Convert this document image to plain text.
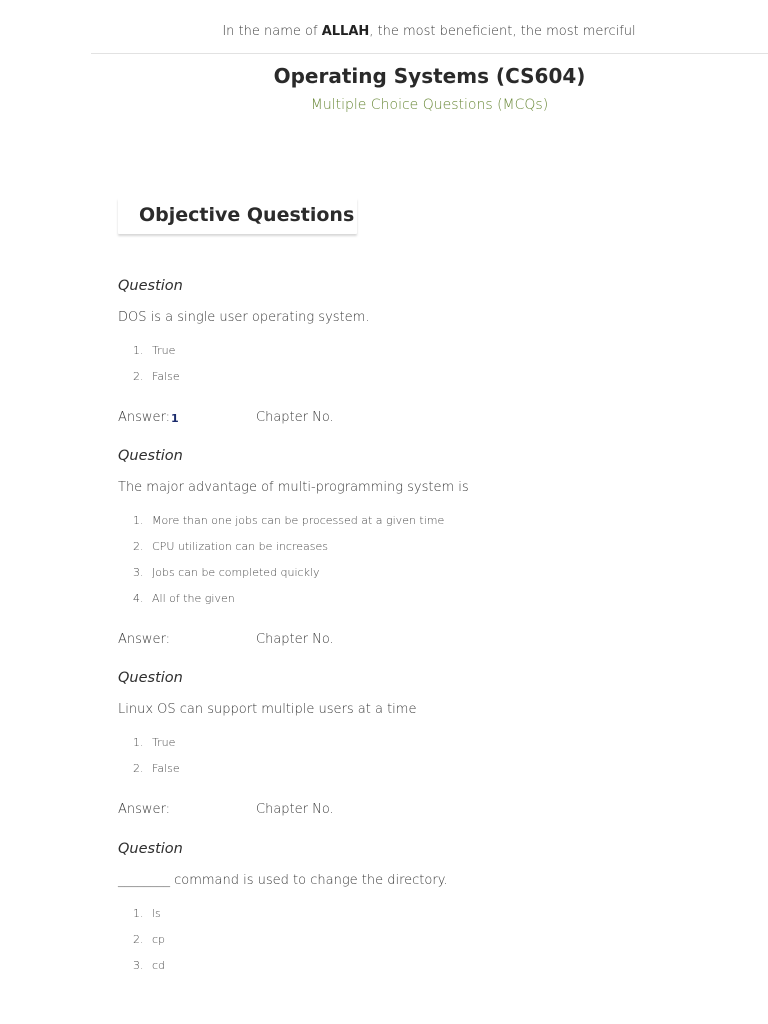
In the name of ALLAH, the most beneficient, the most merciful
Operating Systems (CS604)
Multiple Choice Questions (MCQs)
Objective Questions
Question
DOS is a single user operating system.
1. True
2. False
Answer: 1	Chapter No.
Question
The major advantage of multi-programming system is
1. More than one jobs can be processed at a given time
2. CPU utilization can be increases
3. Jobs can be completed quickly
4. All of the given
Answer:	Chapter No.
Question
Linux OS can support multiple users at a time
1. True
2. False
Answer:	Chapter No.
Question
________ command is used to change the directory.
1. ls
2. cp
3. cd
